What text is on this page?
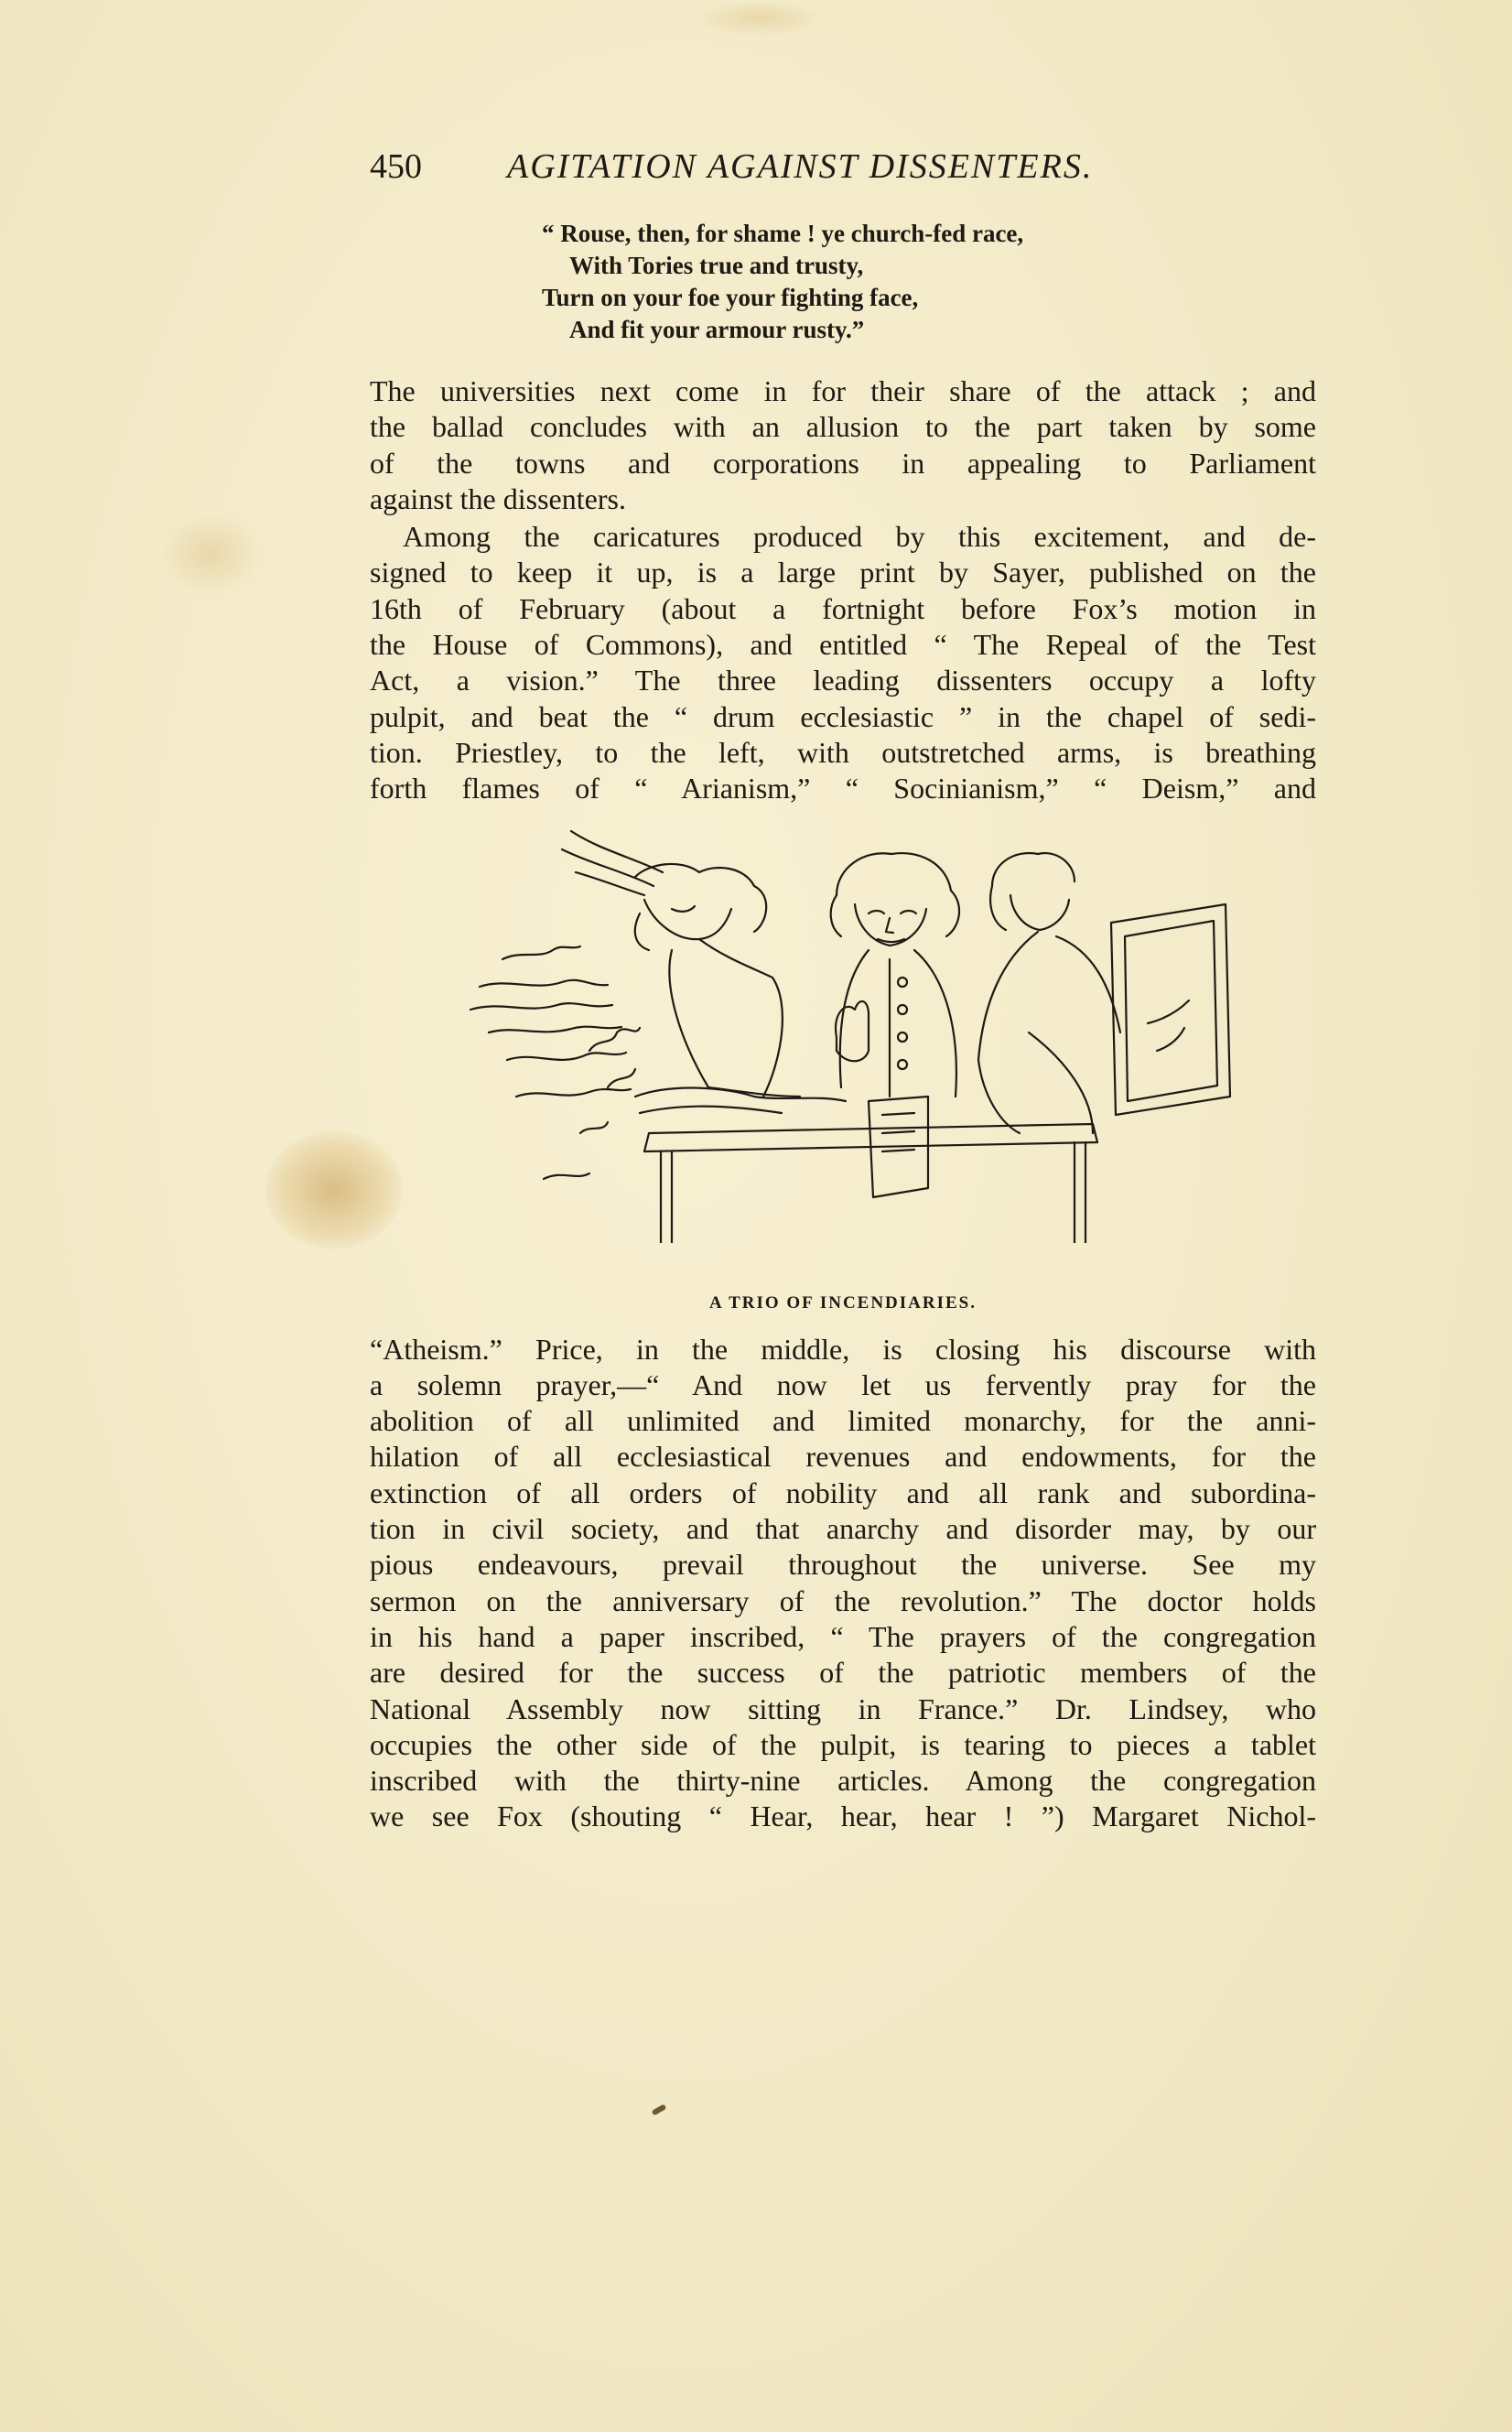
450	AGITATION AGAINST DISSENTERS.
“ Rouse, then, for shame ! ye church-fed race,
With Tories true and trusty,
Turn on your foe your fighting face,
And fit your armour rusty.”
The universities next come in for their share of the attack ; and
the ballad concludes with an allusion to the part taken by some
of the towns and corporations in appealing to Parliament
against the dissenters.
Among the caricatures produced by this excitement, and de-
signed to keep it up, is a large print by Sayer, published on the
16th of February (about a fortnight before Fox’s motion in
the House of Commons), and entitled “ The Repeal of the Test
Act, a vision.” The three leading dissenters occupy a lofty
pulpit, and beat the “ drum ecclesiastic ” in the chapel of sedi-
tion. Priestley, to the left, with outstretched arms, is breathing
forth flames of “ Arianism,” “ Socinianism,” “ Deism,” and
A TRIO OF INCENDIARIES.
“Atheism.” Price, in the middle, is closing his discourse with
a solemn prayer,—“ And now let us fervently pray for the
abolition of all unlimited and limited monarchy, for the anni-
hilation of all ecclesiastical revenues and endowments, for the
extinction of all orders of nobility and all rank and subordina-
tion in civil society, and that anarchy and disorder may, by our
pious endeavours, prevail throughout the universe. See my
sermon on the anniversary of the revolution.” The doctor holds
in his hand a paper inscribed, “ The prayers of the congregation
are desired for the success of the patriotic members of the
National Assembly now sitting in France.” Dr. Lindsey, who
occupies the other side of the pulpit, is tearing to pieces a tablet
inscribed with the thirty-nine articles. Among the congregation
we see Fox (shouting “ Hear, hear, hear ! ”) Margaret Nichol-
